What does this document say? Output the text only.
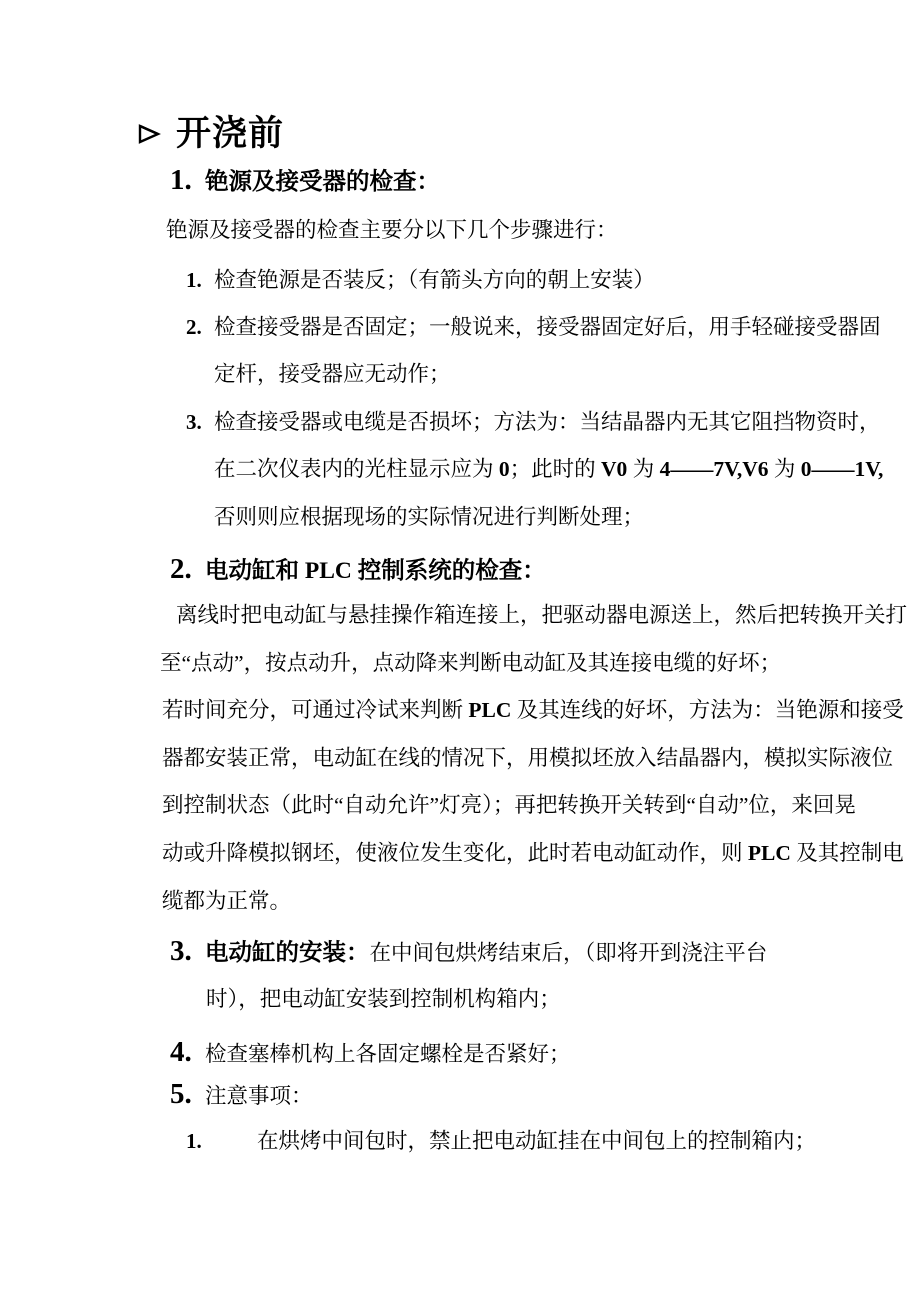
开浇前
1. 铯源及接受器的检查：
铯源及接受器的检查主要分以下几个步骤进行：
1. 检查铯源是否装反；（有箭头方向的朝上安装）
2. 检查接受器是否固定；一般说来，接受器固定好后，用手轻碰接受器固
定杆，接受器应无动作；
3. 检查接受器或电缆是否损坏；方法为：当结晶器内无其它阻挡物资时，
在二次仪表内的光柱显示应为 0；此时的 V0 为 4——7V,V6 为 0——1V,
否则则应根据现场的实际情况进行判断处理；
2. 电动缸和 PLC 控制系统的检查：
离线时把电动缸与悬挂操作箱连接上，把驱动器电源送上，然后把转换开关打
至“点动”，按点动升，点动降来判断电动缸及其连接电缆的好坏；
若时间充分，可通过冷试来判断 PLC 及其连线的好坏，方法为：当铯源和接受
器都安装正常，电动缸在线的情况下，用模拟坯放入结晶器内，模拟实际液位
到控制状态（此时“自动允许”灯亮）；再把转换开关转到“自动”位，来回晃
动或升降模拟钢坯，使液位发生变化，此时若电动缸动作，则 PLC 及其控制电
缆都为正常。
3. 电动缸的安装：在中间包烘烤结束后，（即将开到浇注平台
时），把电动缸安装到控制机构箱内；
4. 检查塞棒机构上各固定螺栓是否紧好；
5. 注意事项：
1.	在烘烤中间包时，禁止把电动缸挂在中间包上的控制箱内；
